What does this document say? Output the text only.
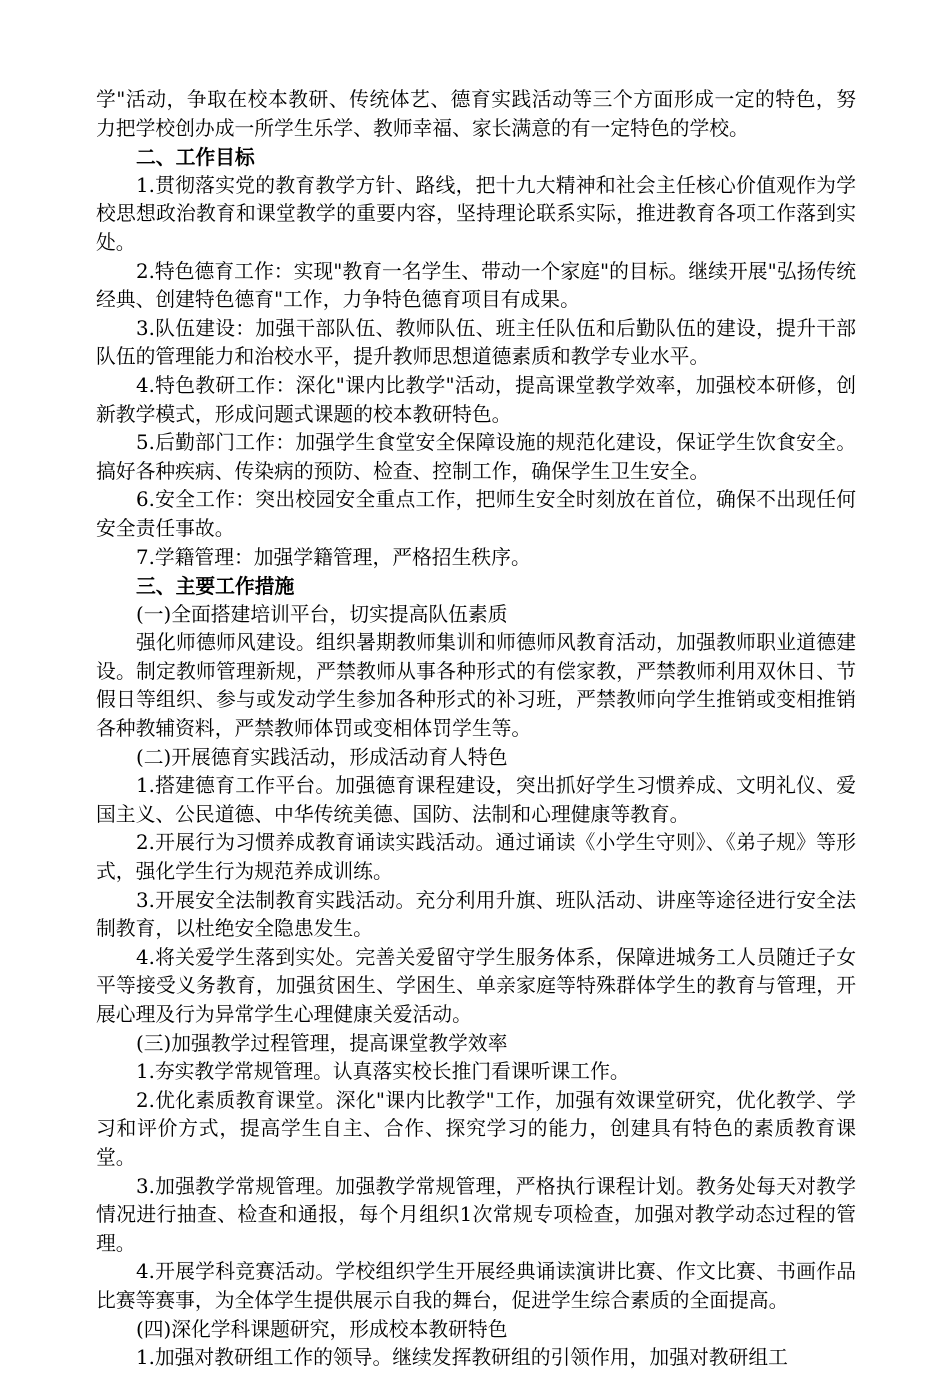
学"活动，争取在校本教研、传统体艺、德育实践活动等三个方面形成一定的特色，努力把学校创办成一所学生乐学、教师幸福、家长满意的有一定特色的学校。

二、工作目标

1.贯彻落实党的教育教学方针、路线，把十九大精神和社会主任核心价值观作为学校思想政治教育和课堂教学的重要内容，坚持理论联系实际，推进教育各项工作落到实处。

2.特色德育工作：实现"教育一名学生、带动一个家庭"的目标。继续开展"弘扬传统经典、创建特色德育"工作，力争特色德育项目有成果。

3.队伍建设：加强干部队伍、教师队伍、班主任队伍和后勤队伍的建设，提升干部队伍的管理能力和治校水平，提升教师思想道德素质和教学专业水平。

4.特色教研工作：深化"课内比教学"活动，提高课堂教学效率，加强校本研修，创新教学模式，形成问题式课题的校本教研特色。

5.后勤部门工作：加强学生食堂安全保障设施的规范化建设，保证学生饮食安全。搞好各种疾病、传染病的预防、检查、控制工作，确保学生卫生安全。

6.安全工作：突出校园安全重点工作，把师生安全时刻放在首位，确保不出现任何安全责任事故。

7.学籍管理：加强学籍管理，严格招生秩序。

三、主要工作措施

(一)全面搭建培训平台，切实提高队伍素质

强化师德师风建设。组织暑期教师集训和师德师风教育活动，加强教师职业道德建设。制定教师管理新规，严禁教师从事各种形式的有偿家教，严禁教师利用双休日、节假日等组织、参与或发动学生参加各种形式的补习班，严禁教师向学生推销或变相推销各种教辅资料，严禁教师体罚或变相体罚学生等。

(二)开展德育实践活动，形成活动育人特色

1.搭建德育工作平台。加强德育课程建设，突出抓好学生习惯养成、文明礼仪、爱国主义、公民道德、中华传统美德、国防、法制和心理健康等教育。

2.开展行为习惯养成教育诵读实践活动。通过诵读《小学生守则》、《弟子规》等形式，强化学生行为规范养成训练。

3.开展安全法制教育实践活动。充分利用升旗、班队活动、讲座等途径进行安全法制教育，以杜绝安全隐患发生。

4.将关爱学生落到实处。完善关爱留守学生服务体系，保障进城务工人员随迁子女平等接受义务教育，加强贫困生、学困生、单亲家庭等特殊群体学生的教育与管理，开展心理及行为异常学生心理健康关爱活动。

(三)加强教学过程管理，提高课堂教学效率

1.夯实教学常规管理。认真落实校长推门看课听课工作。

2.优化素质教育课堂。深化"课内比教学"工作，加强有效课堂研究，优化教学、学习和评价方式，提高学生自主、合作、探究学习的能力，创建具有特色的素质教育课堂。

3.加强教学常规管理。加强教学常规管理，严格执行课程计划。教务处每天对教学情况进行抽查、检查和通报，每个月组织1次常规专项检查，加强对教学动态过程的管理。

4.开展学科竞赛活动。学校组织学生开展经典诵读演讲比赛、作文比赛、书画作品比赛等赛事，为全体学生提供展示自我的舞台，促进学生综合素质的全面提高。

(四)深化学科课题研究，形成校本教研特色

1.加强对教研组工作的领导。继续发挥教研组的引领作用，加强对教研组工
